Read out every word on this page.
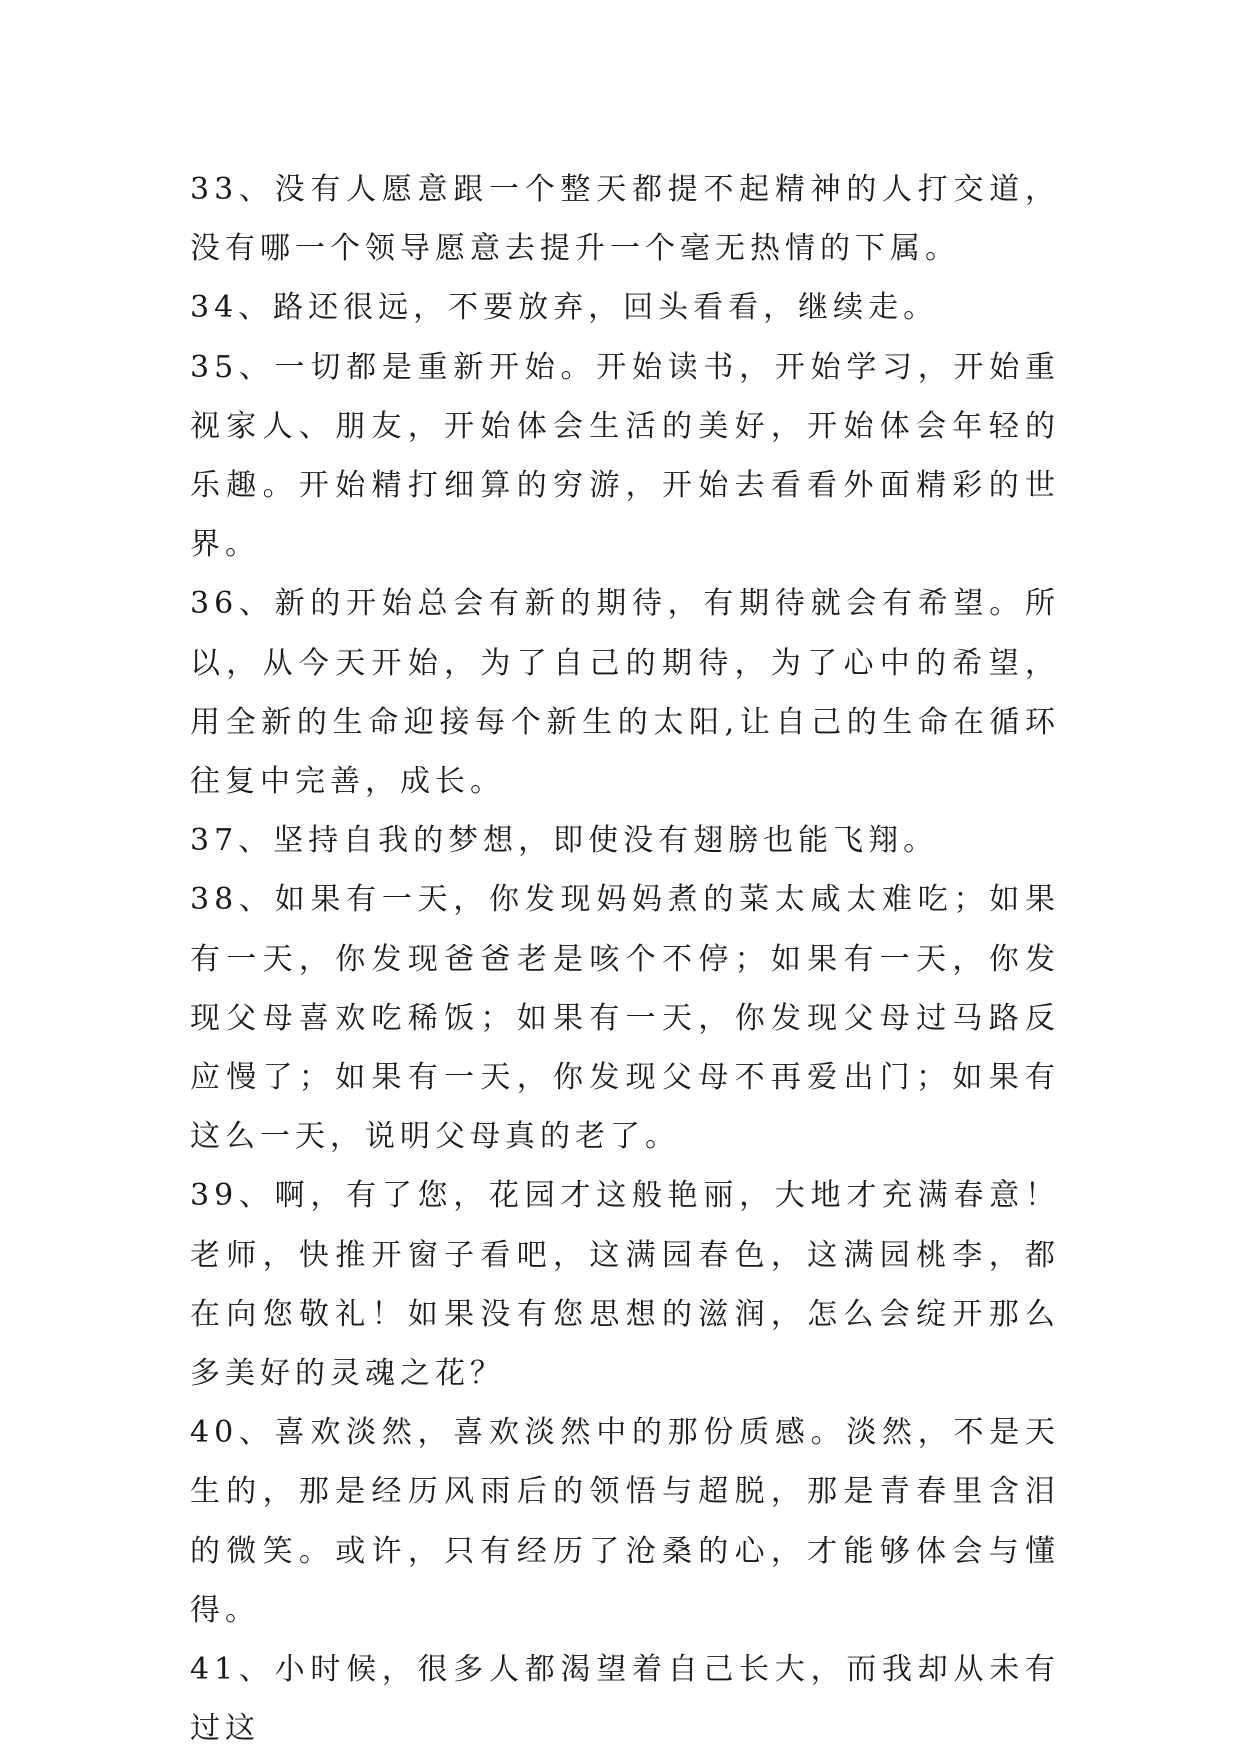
33、没有人愿意跟一个整天都提不起精神的人打交道，没有哪一个领导愿意去提升一个毫无热情的下属。

34、路还很远，不要放弃，回头看看，继续走。

35、一切都是重新开始。开始读书，开始学习，开始重视家人、朋友，开始体会生活的美好，开始体会年轻的乐趣。开始精打细算的穷游，开始去看看外面精彩的世界。

36、新的开始总会有新的期待，有期待就会有希望。所以，从今天开始，为了自己的期待，为了心中的希望，用全新的生命迎接每个新生的太阳,让自己的生命在循环往复中完善，成长。

37、坚持自我的梦想，即使没有翅膀也能飞翔。

38、如果有一天，你发现妈妈煮的菜太咸太难吃；如果有一天，你发现爸爸老是咳个不停；如果有一天，你发现父母喜欢吃稀饭；如果有一天，你发现父母过马路反应慢了；如果有一天，你发现父母不再爱出门；如果有这么一天，说明父母真的老了。

39、啊，有了您，花园才这般艳丽，大地才充满春意！老师，快推开窗子看吧，这满园春色，这满园桃李，都在向您敬礼！如果没有您思想的滋润，怎么会绽开那么多美好的灵魂之花？

40、喜欢淡然，喜欢淡然中的那份质感。淡然，不是天生的，那是经历风雨后的领悟与超脱，那是青春里含泪的微笑。或许，只有经历了沧桑的心，才能够体会与懂得。

41、小时候，很多人都渴望着自己长大，而我却从未有过这
